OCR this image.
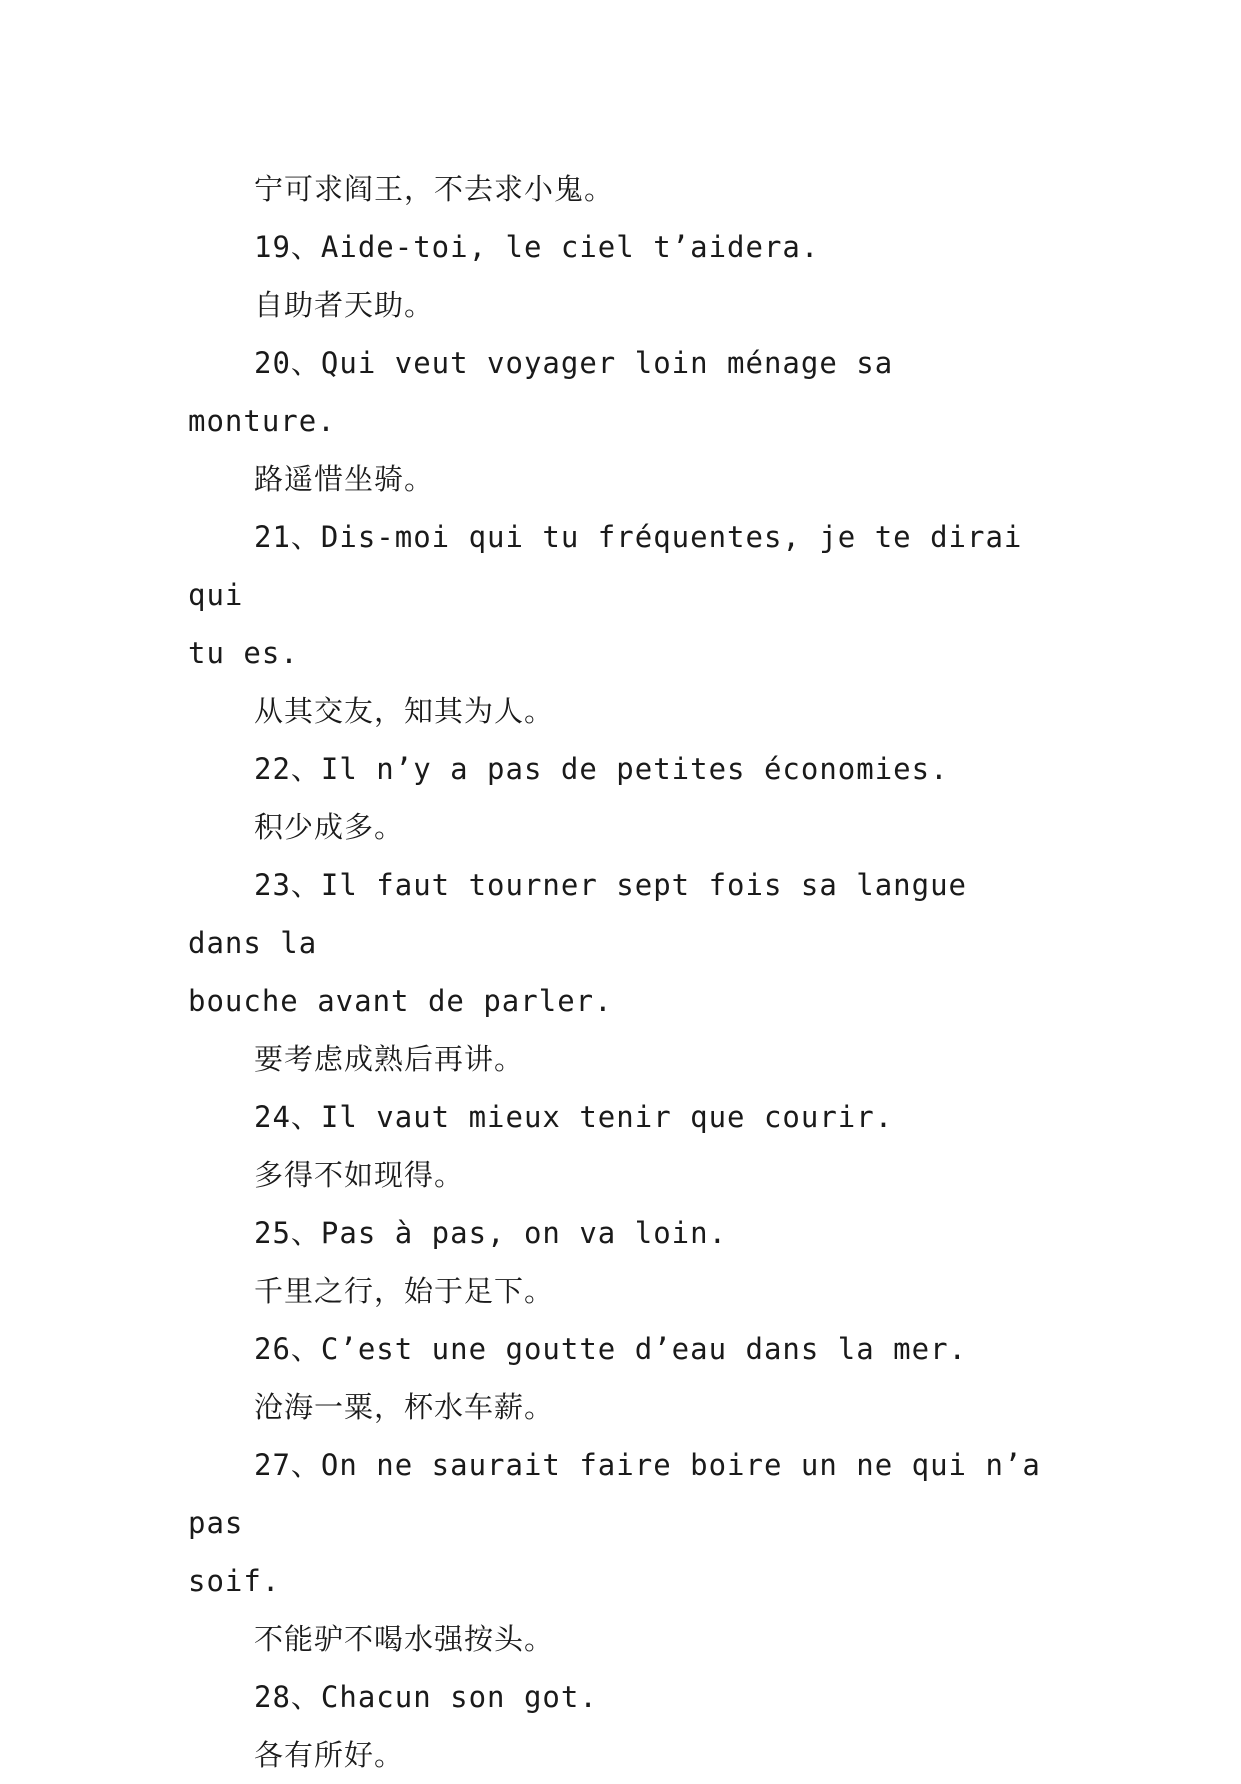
宁可求阎王，不去求小鬼。

19、Aide-toi, le ciel t’aidera.

自助者天助。

20、Qui veut voyager loin ménage sa monture.

路遥惜坐骑。

21、Dis-moi qui tu fréquentes, je te dirai qui

tu es.

从其交友，知其为人。

22、Il n’y a pas de petites économies.

积少成多。

23、Il faut tourner sept fois sa langue dans la

bouche avant de parler.

要考虑成熟后再讲。

24、Il vaut mieux tenir que courir.

多得不如现得。

25、Pas à pas, on va loin.

千里之行，始于足下。

26、C’est une goutte d’eau dans la mer.

沧海一粟，杯水车薪。

27、On ne saurait faire boire un ne qui n’a pas

soif.

不能驴不喝水强按头。

28、Chacun son got.

各有所好。
